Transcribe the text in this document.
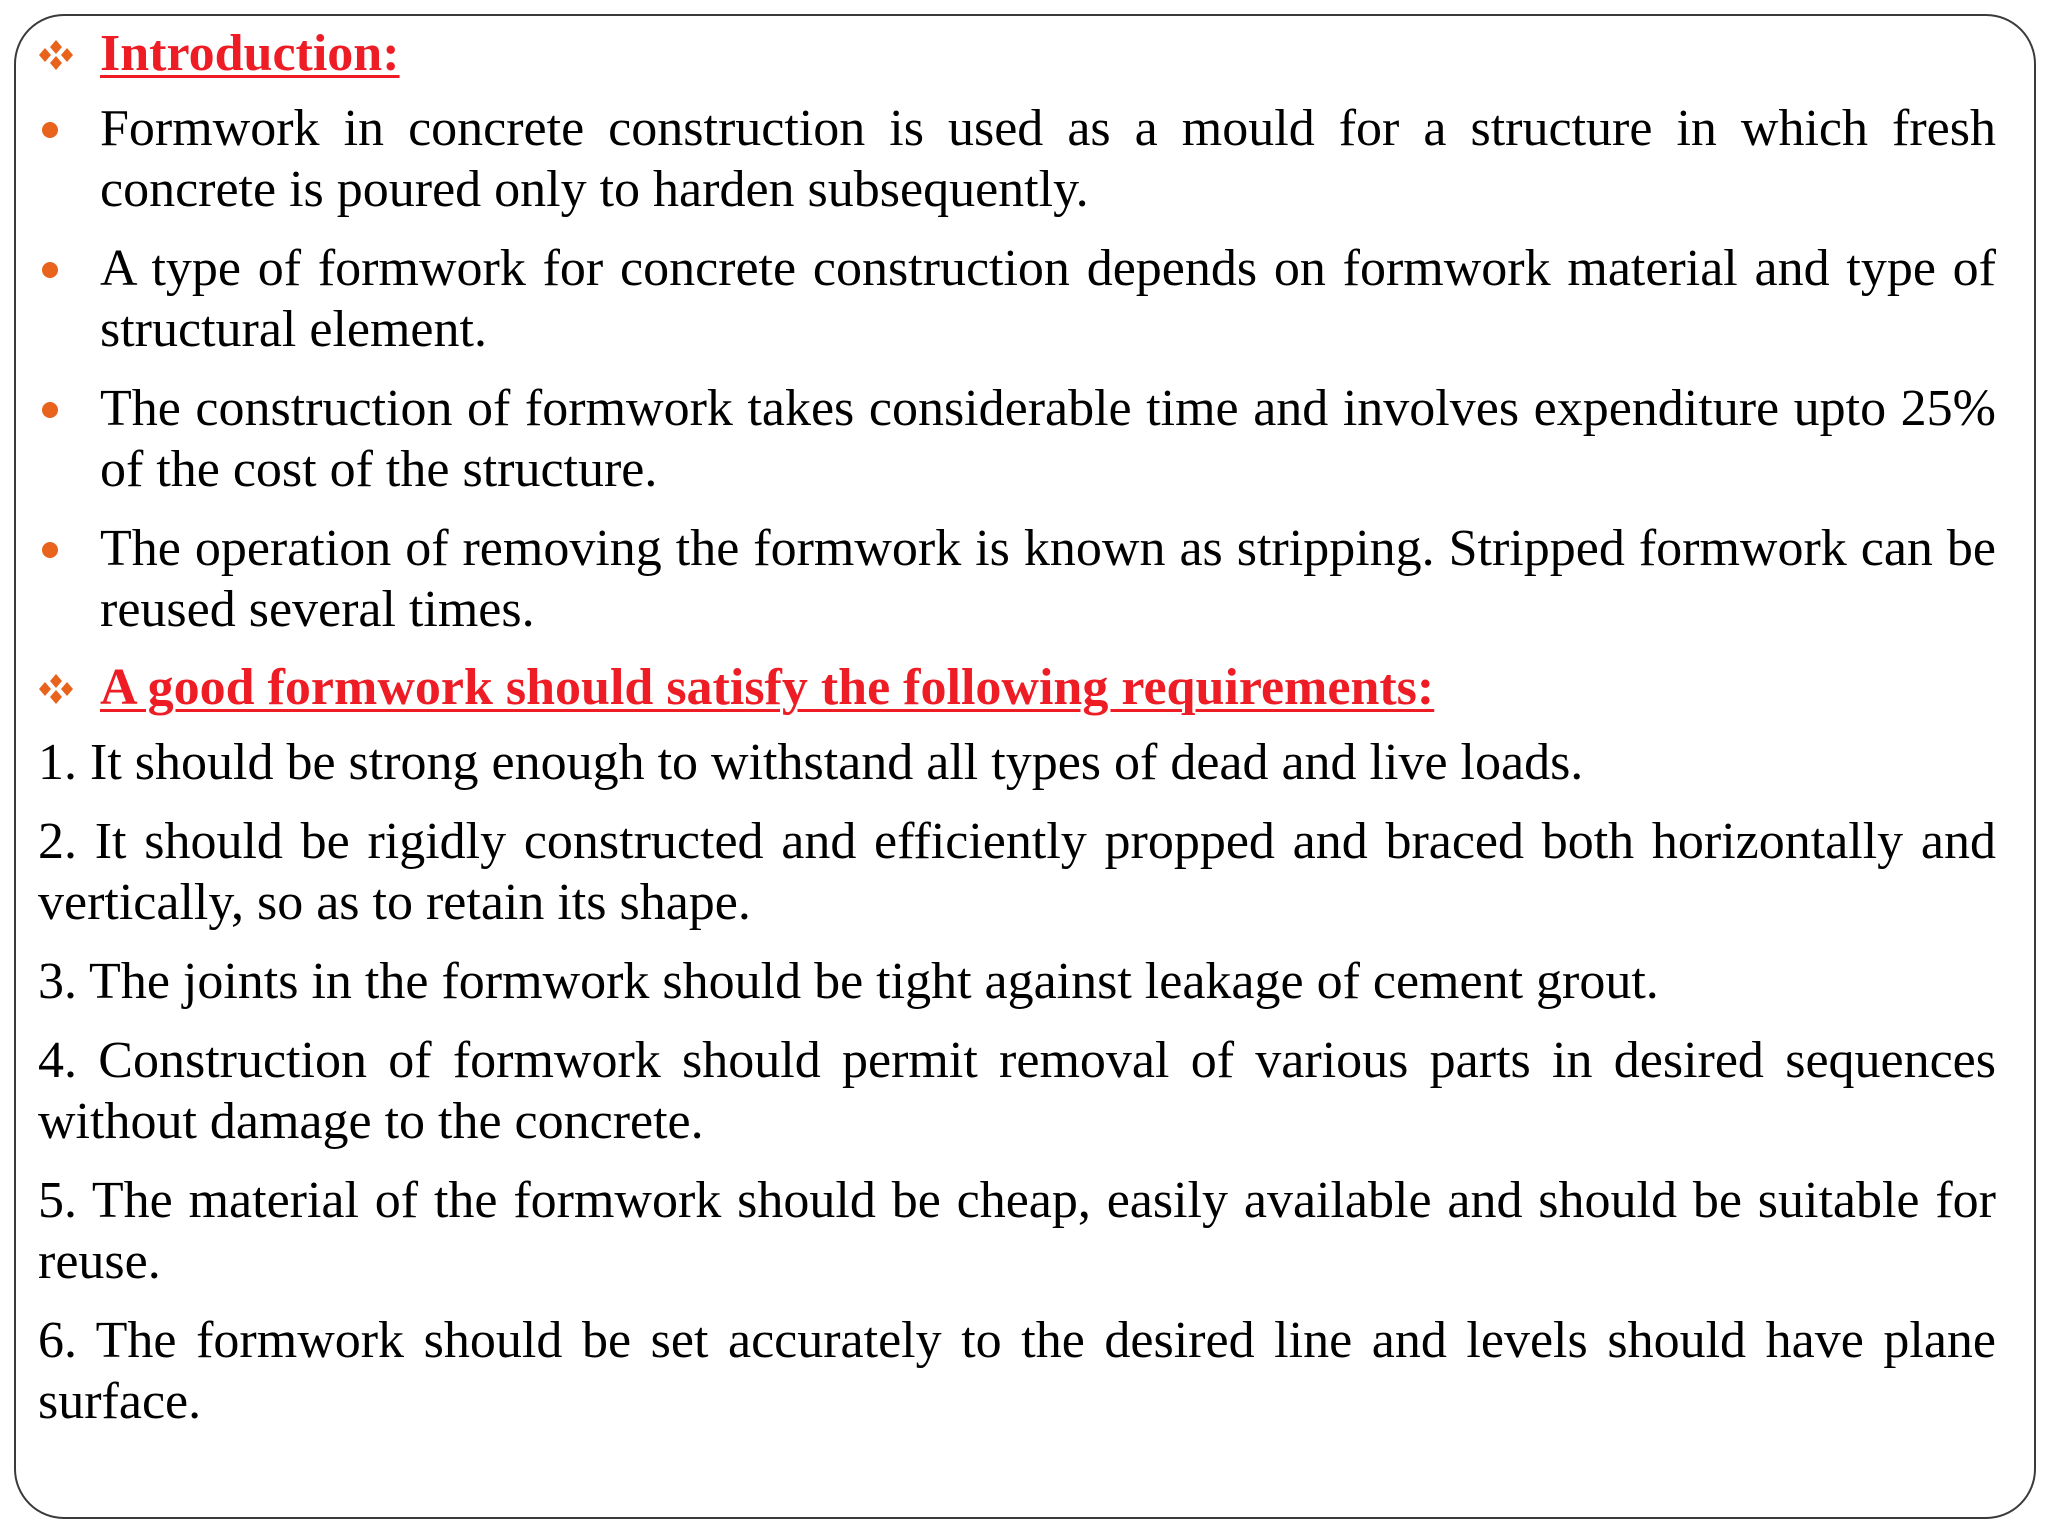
Introduction:
Formwork in concrete construction is used as a mould for a structure in which fresh concrete is poured only to harden subsequently.
A type of formwork for concrete construction depends on formwork material and type of structural element.
The construction of formwork takes considerable time and involves expenditure upto 25% of the cost of the structure.
The operation of removing the formwork is known as stripping. Stripped formwork can be reused several times.
A good formwork should satisfy the following requirements:

1. It should be strong enough to withstand all types of dead and live loads.

2. It should be rigidly constructed and efficiently propped and braced both horizontally and vertically, so as to retain its shape.

3. The joints in the formwork should be tight against leakage of cement grout.

4. Construction of formwork should permit removal of various parts in desired sequences without damage to the concrete.

5. The material of the formwork should be cheap, easily available and should be suitable for reuse.

6. The formwork should be set accurately to the desired line and levels should have plane surface.
